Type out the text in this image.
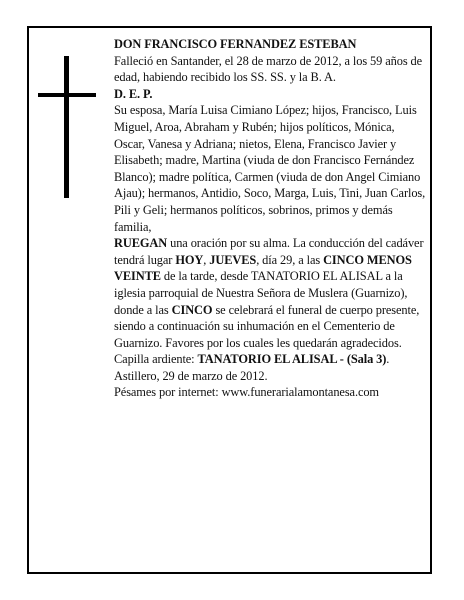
DON FRANCISCO FERNANDEZ ESTEBAN

Falleció en Santander, el 28 de marzo de 2012, a los 59 años de edad, habiendo recibido los SS. SS. y la B. A.

D. E. P.

Su esposa, María Luisa Cimiano López; hijos, Francisco, Luis Miguel, Aroa, Abraham y Rubén; hijos políticos, Mónica, Oscar, Vanesa y Adriana; nietos, Elena, Francisco Javier y Elisabeth; madre, Martina (viuda de don Francisco Fernández Blanco); madre política, Carmen (viuda de don Angel Cimiano Ajau); hermanos, Antidio, Soco, Marga, Luis, Tini, Juan Carlos, Pili y Geli; hermanos políticos, sobrinos, primos y demás familia,

RUEGAN una oración por su alma. La conducción del cadáver tendrá lugar HOY, JUEVES, día 29, a las CINCO MENOS VEINTE de la tarde, desde TANATORIO EL ALISAL a la iglesia parroquial de Nuestra Señora de Muslera (Guarnizo), donde a las CINCO se celebrará el funeral de cuerpo presente, siendo a continuación su inhumación en el Cementerio de Guarnizo. Favores por los cuales les quedarán agradecidos. Capilla ardiente: TANATORIO EL ALISAL - (Sala 3).

Astillero, 29 de marzo de 2012.

Pésames por internet: www.funerarialamontanesa.com
